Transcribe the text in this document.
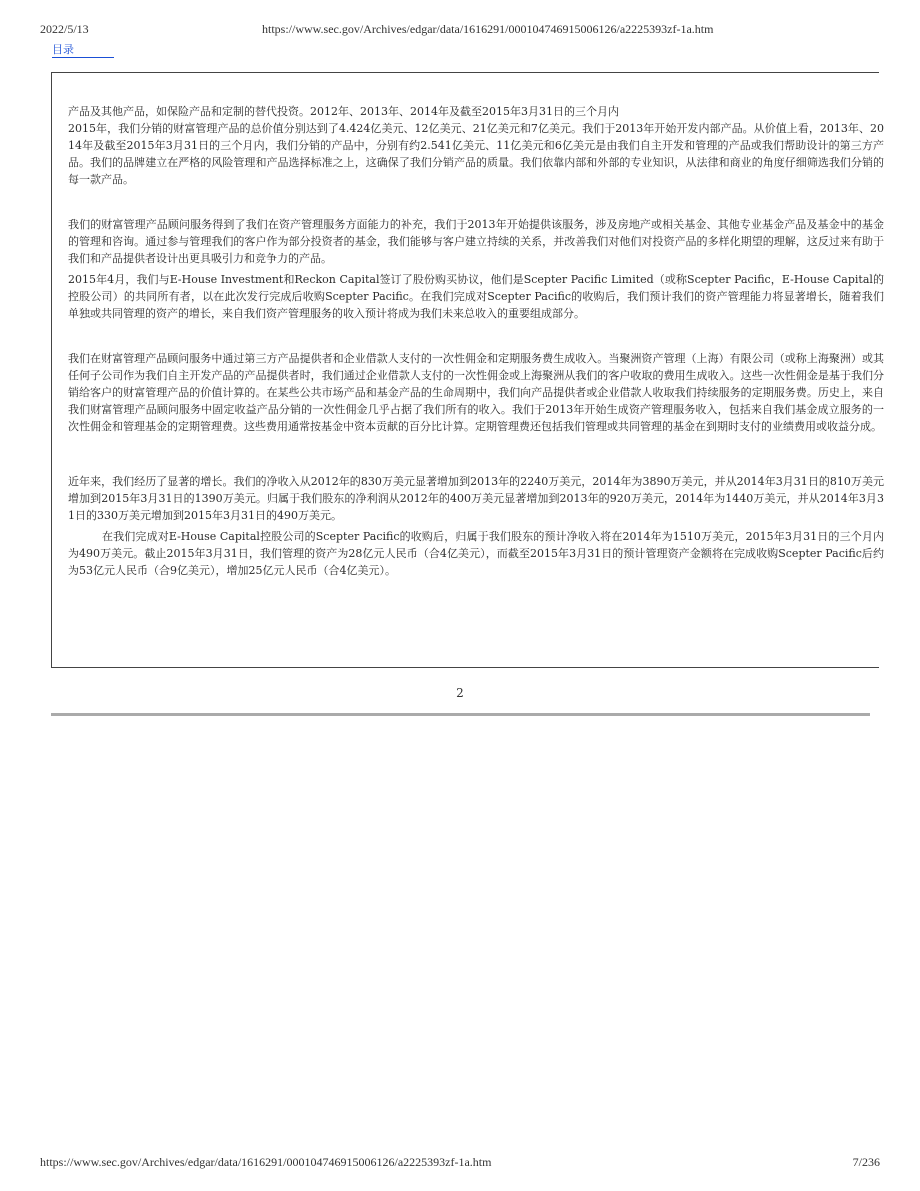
2022/5/13	https://www.sec.gov/Archives/edgar/data/1616291/000104746915006126/a2225393zf-1a.htm
目录

产品及其他产品，如保险产品和定制的替代投资。2012年、2013年、2014年及截至2015年3月31日的三个月内

2015年，我们分销的财富管理产品的总价值分别达到了4.424亿美元、12亿美元、21亿美元和7亿美元。我们于2013年开始开发内部产品。从价值上看，2013年、2014年及截至2015年3月31日的三个月内，我们分销的产品中，分别有约2.541亿美元、11亿美元和6亿美元是由我们自主开发和管理的产品或我们帮助设计的第三方产品。我们的品牌建立在严格的风险管理和产品选择标准之上，这确保了我们分销产品的质量。我们依靠内部和外部的专业知识，从法律和商业的角度仔细筛选我们分销的每一款产品。

我们的财富管理产品顾问服务得到了我们在资产管理服务方面能力的补充，我们于2013年开始提供该服务，涉及房地产或相关基金、其他专业基金产品及基金中的基金的管理和咨询。通过参与管理我们的客户作为部分投资者的基金，我们能够与客户建立持续的关系，并改善我们对他们对投资产品的多样化期望的理解，这反过来有助于我们和产品提供者设计出更具吸引力和竞争力的产品。

2015年4月，我们与E-House Investment和Reckon Capital签订了股份购买协议，他们是Scepter Pacific Limited（或称Scepter Pacific，E-House Capital的控股公司）的共同所有者，以在此次发行完成后收购Scepter Pacific。在我们完成对Scepter Pacific的收购后，我们预计我们的资产管理能力将显著增长，随着我们单独或共同管理的资产的增长，来自我们资产管理服务的收入预计将成为我们未来总收入的重要组成部分。

我们在财富管理产品顾问服务中通过第三方产品提供者和企业借款人支付的一次性佣金和定期服务费生成收入。当聚洲资产管理（上海）有限公司（或称上海聚洲）或其任何子公司作为我们自主开发产品的产品提供者时，我们通过企业借款人支付的一次性佣金或上海聚洲从我们的客户收取的费用生成收入。这些一次性佣金是基于我们分销给客户的财富管理产品的价值计算的。在某些公共市场产品和基金产品的生命周期中，我们向产品提供者或企业借款人收取我们持续服务的定期服务费。历史上，来自我们财富管理产品顾问服务中固定收益产品分销的一次性佣金几乎占据了我们所有的收入。我们于2013年开始生成资产管理服务收入，包括来自我们基金成立服务的一次性佣金和管理基金的定期管理费。这些费用通常按基金中资本贡献的百分比计算。定期管理费还包括我们管理或共同管理的基金在到期时支付的业绩费用或收益分成。

近年来，我们经历了显著的增长。我们的净收入从2012年的830万美元显著增加到2013年的2240万美元，2014年为3890万美元，并从2014年3月31日的810万美元增加到2015年3月31日的1390万美元。归属于我们股东的净利润从2012年的400万美元显著增加到2013年的920万美元，2014年为1440万美元，并从2014年3月31日的330万美元增加到2015年3月31日的490万美元。

在我们完成对E-House Capital控股公司的Scepter Pacific的收购后，归属于我们股东的预计净收入将在2014年为1510万美元，2015年3月31日的三个月内为490万美元。截止2015年3月31日，我们管理的资产为28亿元人民币（合4亿美元），而截至2015年3月31日的预计管理资产金额将在完成收购Scepter Pacific后约为53亿元人民币（合9亿美元），增加25亿元人民币（合4亿美元）。

2
https://www.sec.gov/Archives/edgar/data/1616291/000104746915006126/a2225393zf-1a.htm	7/236
